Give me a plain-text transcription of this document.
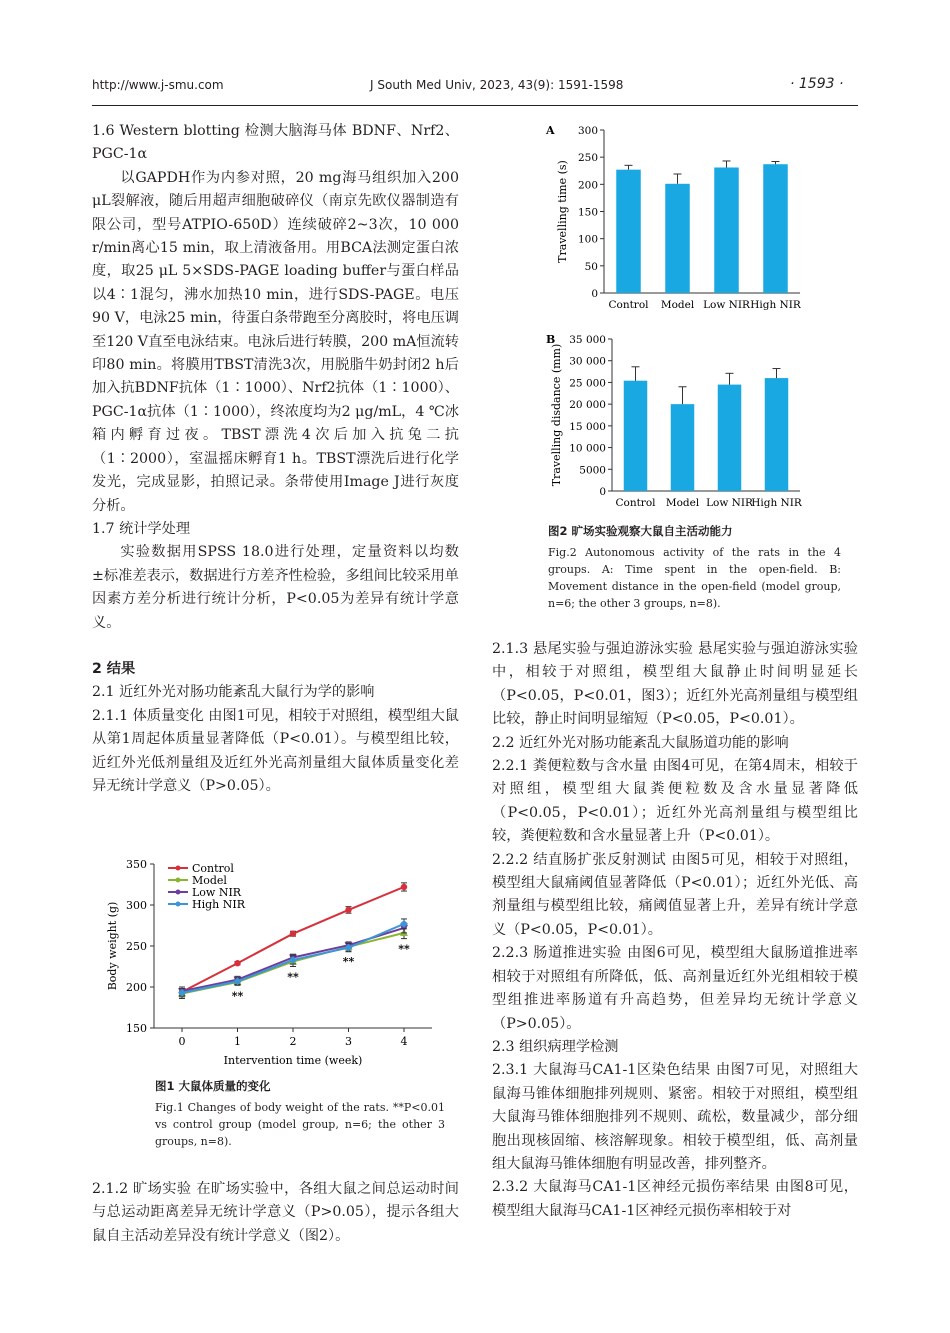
http://www.j-smu.com	J South Med Univ, 2023, 43(9): 1591-1598	· 1593 ·

1.6 Western blotting 检测大脑海马体 BDNF、Nrf2、PGC-1α

以GAPDH作为内参对照，20 mg海马组织加入200 μL裂解液，随后用超声细胞破碎仪（南京先欧仪器制造有限公司，型号ATPIO-650D）连续破碎2~3次，10 000 r/min离心15 min，取上清液备用。用BCA法测定蛋白浓度，取25 μL 5×SDS-PAGE loading buffer与蛋白样品以4∶1混匀，沸水加热10 min，进行SDS-PAGE。电压90 V，电泳25 min，待蛋白条带跑至分离胶时，将电压调至120 V直至电泳结束。电泳后进行转膜，200 mA恒流转印80 min。将膜用TBST清洗3次，用脱脂牛奶封闭2 h后加入抗BDNF抗体（1∶1000）、Nrf2抗体（1∶1000）、PGC-1α抗体（1∶1000），终浓度均为2 μg/mL，4 ℃冰箱内孵育过夜。TBST漂洗4次后加入抗兔二抗（1∶2000），室温摇床孵育1 h。TBST漂洗后进行化学发光，完成显影，拍照记录。条带使用Image J进行灰度分析。

1.7 统计学处理

实验数据用SPSS 18.0进行处理，定量资料以均数±标准差表示，数据进行方差齐性检验，多组间比较采用单因素方差分析进行统计分析，P<0.05为差异有统计学意义。

2 结果

2.1 近红外光对肠功能紊乱大鼠行为学的影响

2.1.1 体质量变化 由图1可见，相较于对照组，模型组大鼠从第1周起体质量显著降低（P<0.01）。与模型组比较，近红外光低剂量组及近红外光高剂量组大鼠体质量变化差异无统计学意义（P>0.05）。

150
200
250
300
350
0	1	2	3	4
Intervention time (week)
Body weight (g)
Control
Model
Low NIR
High NIR
**
**
**
**
图1 大鼠体质量的变化
Fig.1 Changes of body weight of the rats. **P<0.01 vs control group (model group, n=6; the other 3 groups, n=8).

2.1.2 旷场实验 在旷场实验中，各组大鼠之间总运动时间与总运动距离差异无统计学意义（P>0.05），提示各组大鼠自主活动差异没有统计学意义（图2）。

A
0
50
100
150
200
250
300
Travelling time (s)
Control Model Low NIR High NIR
B
0
5000
10 000
15 000
20 000
25 000
30 000
35 000
Travelling disdance (mm)
Control Model Low NIR
High NIR
图2 旷场实验观察大鼠自主活动能力
Fig.2 Autonomous activity of the rats in the 4 groups. A: Time spent in the open-field. B: Movement distance in the open-field (model group, n=6; the other 3 groups, n=8).

2.1.3 悬尾实验与强迫游泳实验 悬尾实验与强迫游泳实验中，相较于对照组，模型组大鼠静止时间明显延长（P<0.05，P<0.01，图3）；近红外光高剂量组与模型组比较，静止时间明显缩短（P<0.05，P<0.01）。

2.2 近红外光对肠功能紊乱大鼠肠道功能的影响

2.2.1 粪便粒数与含水量 由图4可见，在第4周末，相较于对照组，模型组大鼠粪便粒数及含水量显著降低（P<0.05，P<0.01）；近红外光高剂量组与模型组比较，粪便粒数和含水量显著上升（P<0.01）。

2.2.2 结直肠扩张反射测试 由图5可见，相较于对照组，模型组大鼠痛阈值显著降低（P<0.01）；近红外光低、高剂量组与模型组比较，痛阈值显著上升，差异有统计学意义（P<0.05，P<0.01）。

2.2.3 肠道推进实验 由图6可见，模型组大鼠肠道推进率相较于对照组有所降低，低、高剂量近红外光组相较于模型组推进率肠道有升高趋势，但差异均无统计学意义（P>0.05）。

2.3 组织病理学检测

2.3.1 大鼠海马CA1-1区染色结果 由图7可见，对照组大鼠海马锥体细胞排列规则、紧密。相较于对照组，模型组大鼠海马锥体细胞排列不规则、疏松，数量减少，部分细胞出现核固缩、核溶解现象。相较于模型组，低、高剂量组大鼠海马锥体细胞有明显改善，排列整齐。

2.3.2 大鼠海马CA1-1区神经元损伤率结果 由图8可见，模型组大鼠海马CA1-1区神经元损伤率相较于对
